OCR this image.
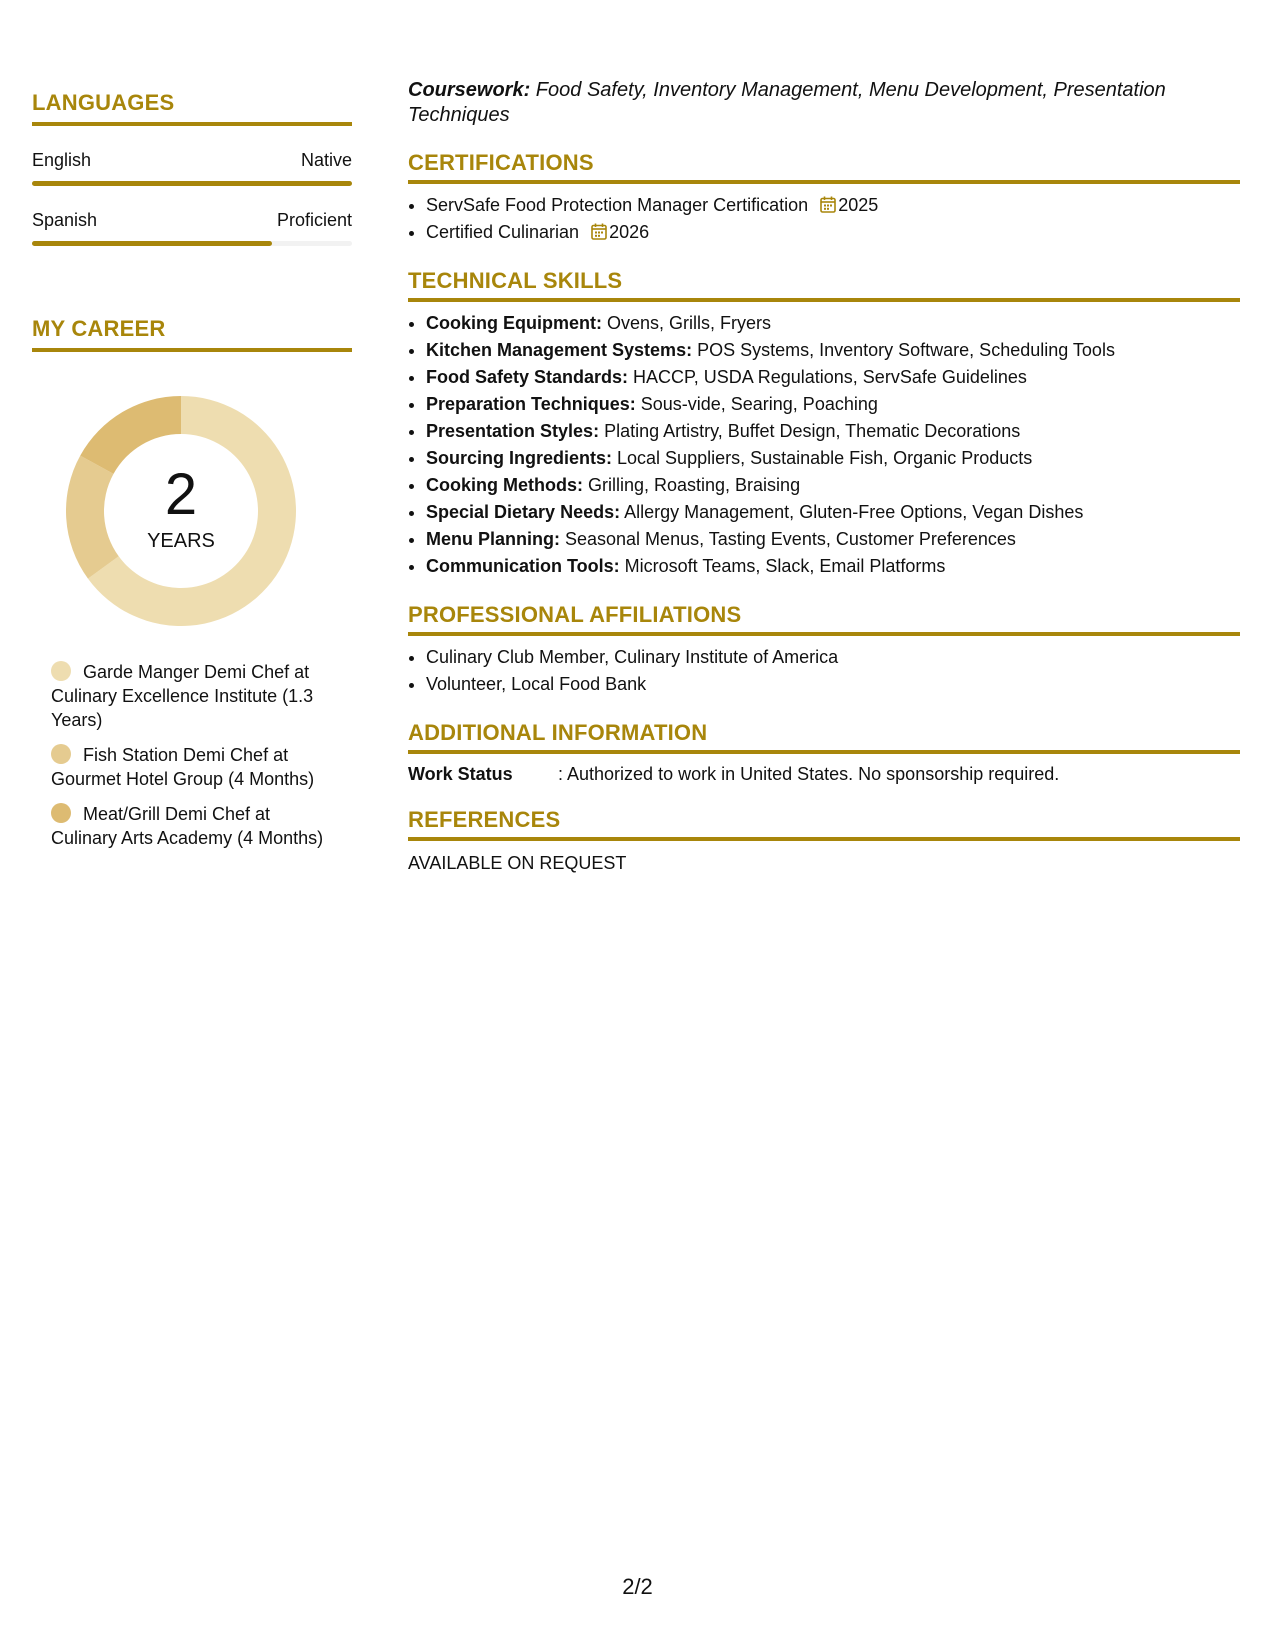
LANGUAGES
English	Native
Spanish	Proficient
MY CAREER
2
YEARS
Garde Manger Demi Chef at Culinary Excellence Institute (1.3 Years)
Fish Station Demi Chef at Gourmet Hotel Group (4 Months)
Meat/Grill Demi Chef at Culinary Arts Academy (4 Months)
Coursework: Food Safety, Inventory Management, Menu Development, Presentation Techniques
CERTIFICATIONS
• ServSafe Food Protection Manager Certification 2025
• Certified Culinarian 2026
TECHNICAL SKILLS
• Cooking Equipment: Ovens, Grills, Fryers
• Kitchen Management Systems: POS Systems, Inventory Software, Scheduling Tools
• Food Safety Standards: HACCP, USDA Regulations, ServSafe Guidelines
• Preparation Techniques: Sous-vide, Searing, Poaching
• Presentation Styles: Plating Artistry, Buffet Design, Thematic Decorations
• Sourcing Ingredients: Local Suppliers, Sustainable Fish, Organic Products
• Cooking Methods: Grilling, Roasting, Braising
• Special Dietary Needs: Allergy Management, Gluten-Free Options, Vegan Dishes
• Menu Planning: Seasonal Menus, Tasting Events, Customer Preferences
• Communication Tools: Microsoft Teams, Slack, Email Platforms
PROFESSIONAL AFFILIATIONS
• Culinary Club Member, Culinary Institute of America
• Volunteer, Local Food Bank
ADDITIONAL INFORMATION
Work Status	: Authorized to work in United States. No sponsorship required.
REFERENCES
AVAILABLE ON REQUEST
2/2
